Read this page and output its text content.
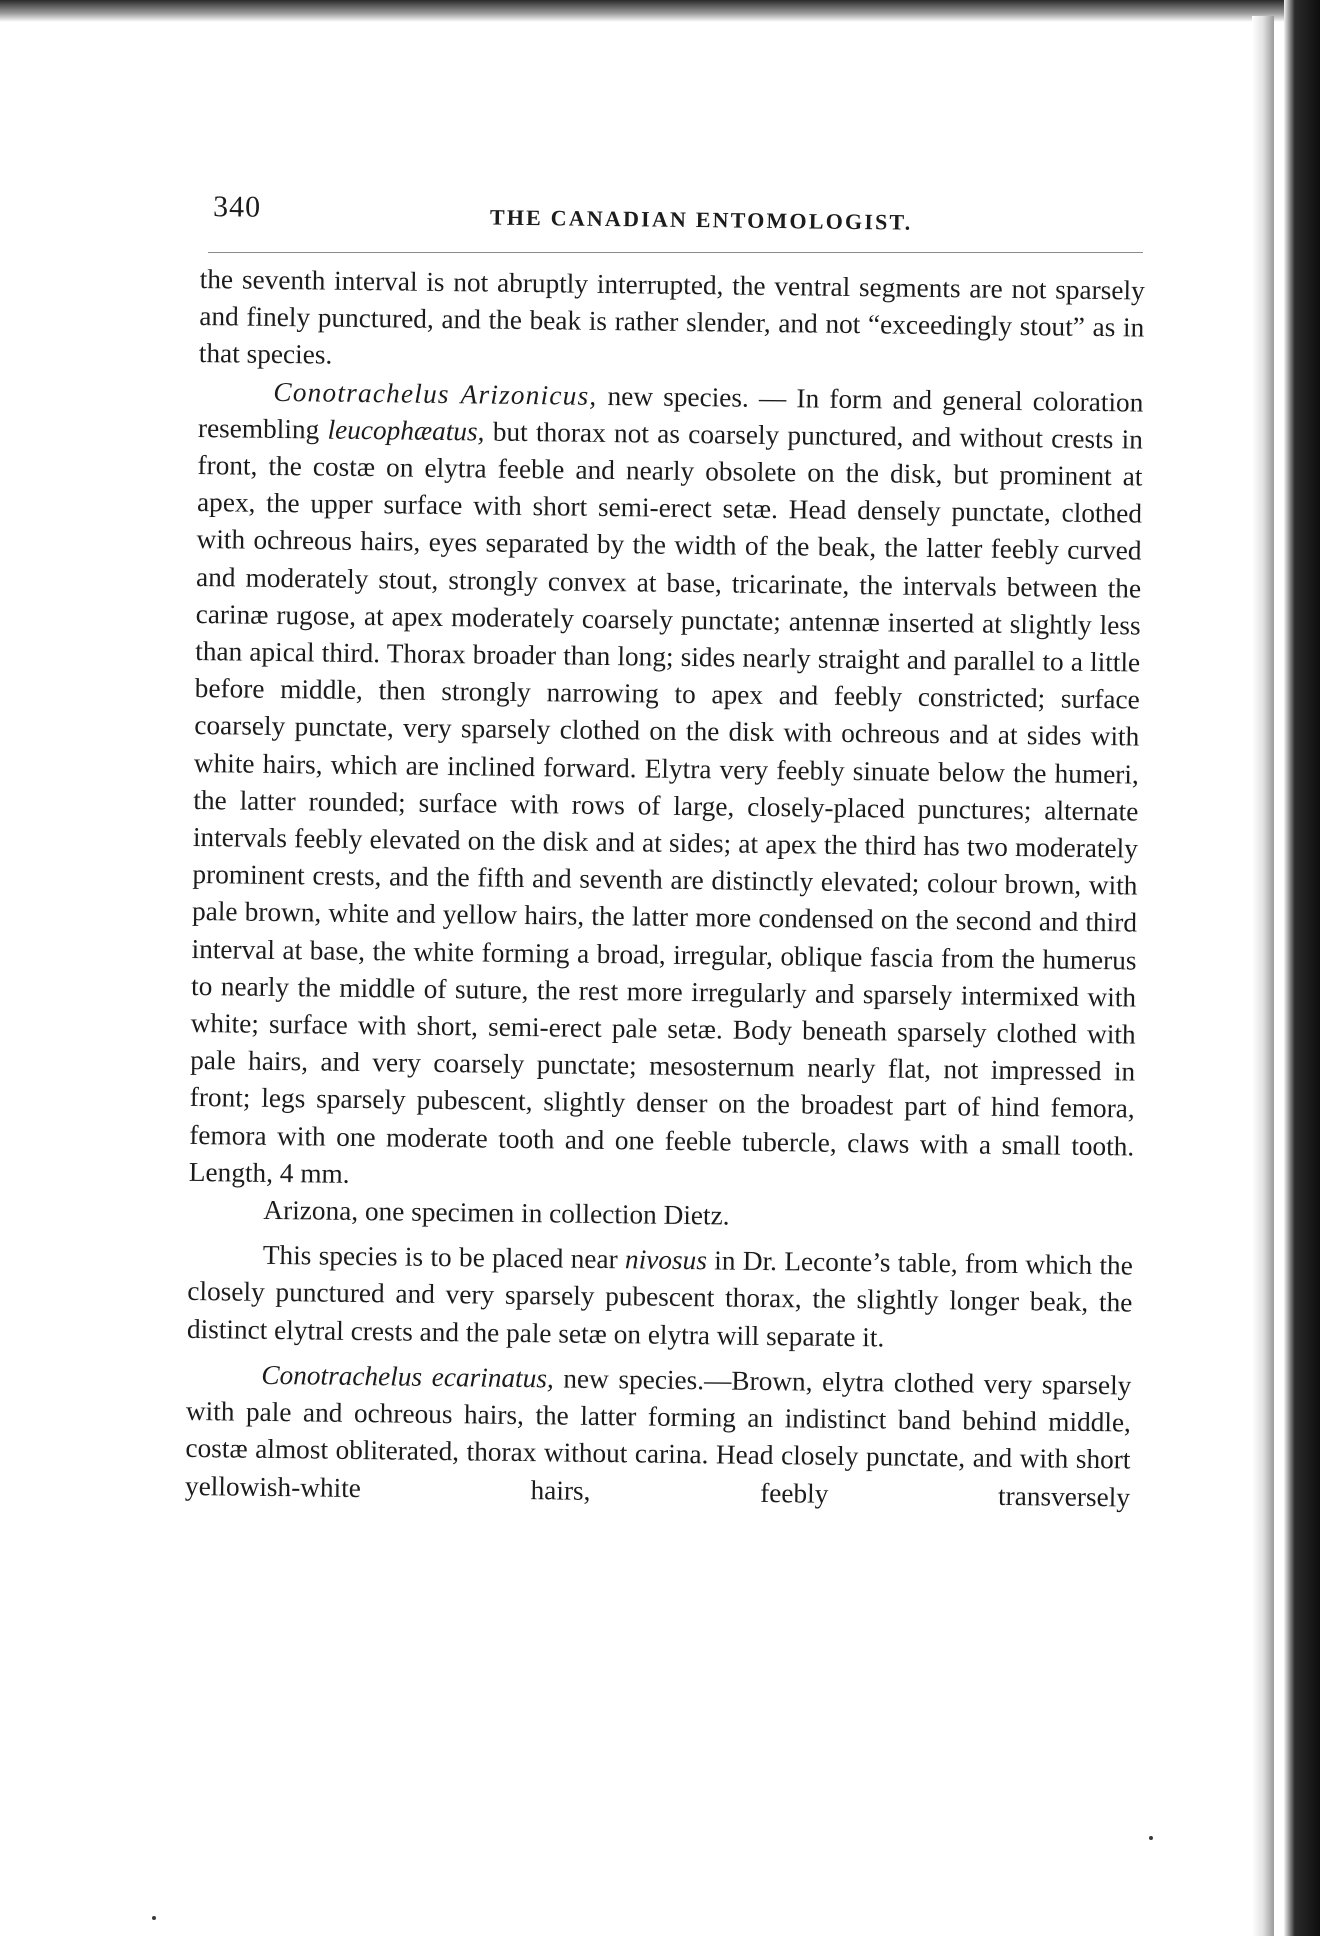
340	THE CANADIAN ENTOMOLOGIST.

the seventh interval is not abruptly interrupted, the ventral segments are not sparsely and finely punctured, and the beak is rather slender, and not “exceedingly stout” as in that species.

Conotrachelus Arizonicus, new species. — In form and general coloration resembling leucophæatus, but thorax not as coarsely punctured, and without crests in front, the costæ on elytra feeble and nearly obsolete on the disk, but prominent at apex, the upper surface with short semi-erect setæ. Head densely punctate, clothed with ochreous hairs, eyes separated by the width of the beak, the latter feebly curved and moderately stout, strongly convex at base, tricarinate, the intervals between the carinæ rugose, at apex moderately coarsely punctate; antennæ inserted at slightly less than apical third. Thorax broader than long; sides nearly straight and parallel to a little before middle, then strongly narrowing to apex and feebly constricted; surface coarsely punctate, very sparsely clothed on the disk with ochreous and at sides with white hairs, which are inclined forward. Elytra very feebly sinuate below the humeri, the latter rounded; surface with rows of large, closely-placed punctures; alternate intervals feebly elevated on the disk and at sides; at apex the third has two moderately prominent crests, and the fifth and seventh are distinctly elevated; colour brown, with pale brown, white and yellow hairs, the latter more condensed on the second and third interval at base, the white forming a broad, irregular, oblique fascia from the humerus to nearly the middle of suture, the rest more irregularly and sparsely intermixed with white; surface with short, semi-erect pale setæ. Body beneath sparsely clothed with pale hairs, and very coarsely punctate; mesosternum nearly flat, not impressed in front; legs sparsely pubescent, slightly denser on the broadest part of hind femora, femora with one moderate tooth and one feeble tubercle, claws with a small tooth. Length, 4 mm.

Arizona, one specimen in collection Dietz.

This species is to be placed near nivosus in Dr. Leconte’s table, from which the closely punctured and very sparsely pubescent thorax, the slightly longer beak, the distinct elytral crests and the pale setæ on elytra will separate it.

Conotrachelus ecarinatus, new species.—Brown, elytra clothed very sparsely with pale and ochreous hairs, the latter forming an indistinct band behind middle, costæ almost obliterated, thorax without carina. Head closely punctate, and with short yellowish-white hairs, feebly transversely
